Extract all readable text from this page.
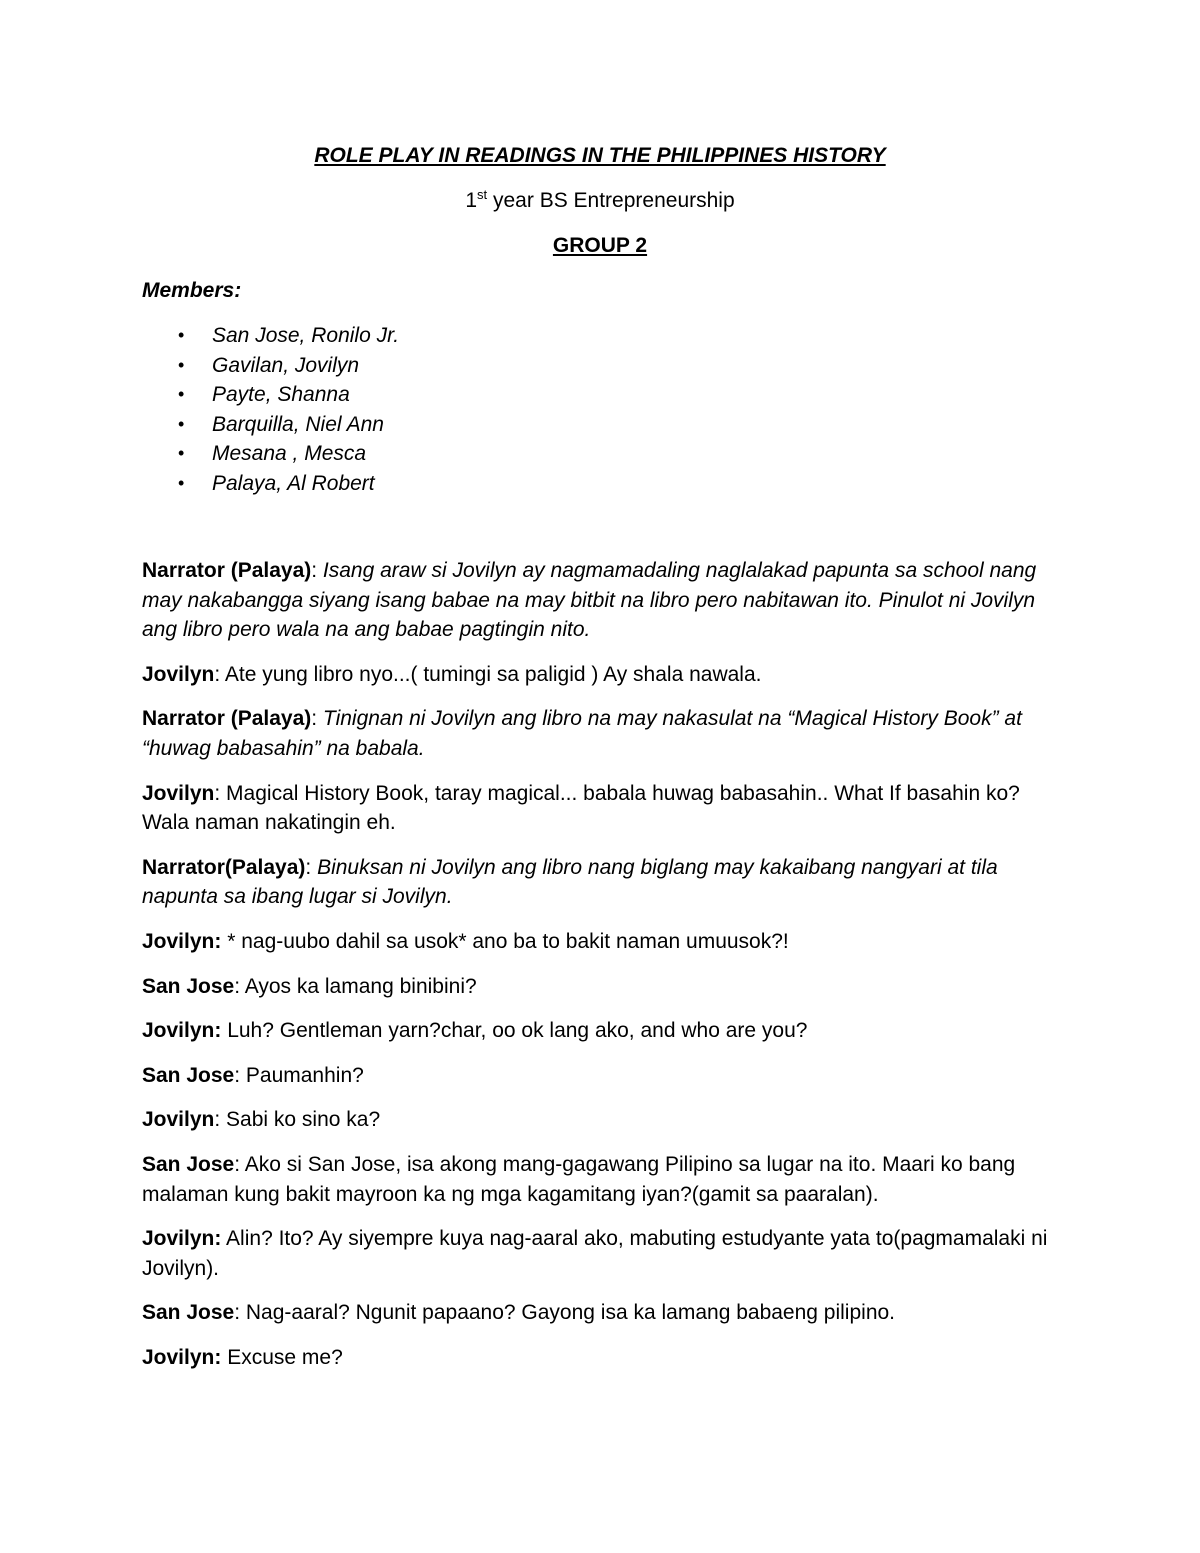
ROLE PLAY IN READINGS IN THE PHILIPPINES HISTORY

1st year BS Entrepreneurship

GROUP 2

Members:

• San Jose, Ronilo Jr.
• Gavilan, Jovilyn
• Payte, Shanna
• Barquilla, Niel Ann
• Mesana , Mesca
• Palaya, Al Robert

Narrator (Palaya): Isang araw si Jovilyn ay nagmamadaling naglalakad papunta sa school nang may nakabangga siyang isang babae na may bitbit na libro pero nabitawan ito. Pinulot ni Jovilyn ang libro pero wala na ang babae pagtingin nito.

Jovilyn: Ate yung libro nyo...( tumingi sa paligid ) Ay shala nawala.

Narrator (Palaya): Tinignan ni Jovilyn ang libro na may nakasulat na “Magical History Book” at “huwag babasahin” na babala.

Jovilyn: Magical History Book, taray magical... babala huwag babasahin.. What If basahin ko? Wala naman nakatingin eh.

Narrator(Palaya): Binuksan ni Jovilyn ang libro nang biglang may kakaibang nangyari at tila napunta sa ibang lugar si Jovilyn.

Jovilyn: * nag-uubo dahil sa usok* ano ba to bakit naman umuusok?!

San Jose: Ayos ka lamang binibini?

Jovilyn: Luh? Gentleman yarn?char, oo ok lang ako, and who are you?

San Jose: Paumanhin?

Jovilyn: Sabi ko sino ka?

San Jose: Ako si San Jose, isa akong mang-gagawang Pilipino sa lugar na ito. Maari ko bang malaman kung bakit mayroon ka ng mga kagamitang iyan?(gamit sa paaralan).

Jovilyn: Alin? Ito? Ay siyempre kuya nag-aaral ako, mabuting estudyante yata to(pagmamalaki ni Jovilyn).

San Jose: Nag-aaral? Ngunit papaano? Gayong isa ka lamang babaeng pilipino.

Jovilyn: Excuse me?
